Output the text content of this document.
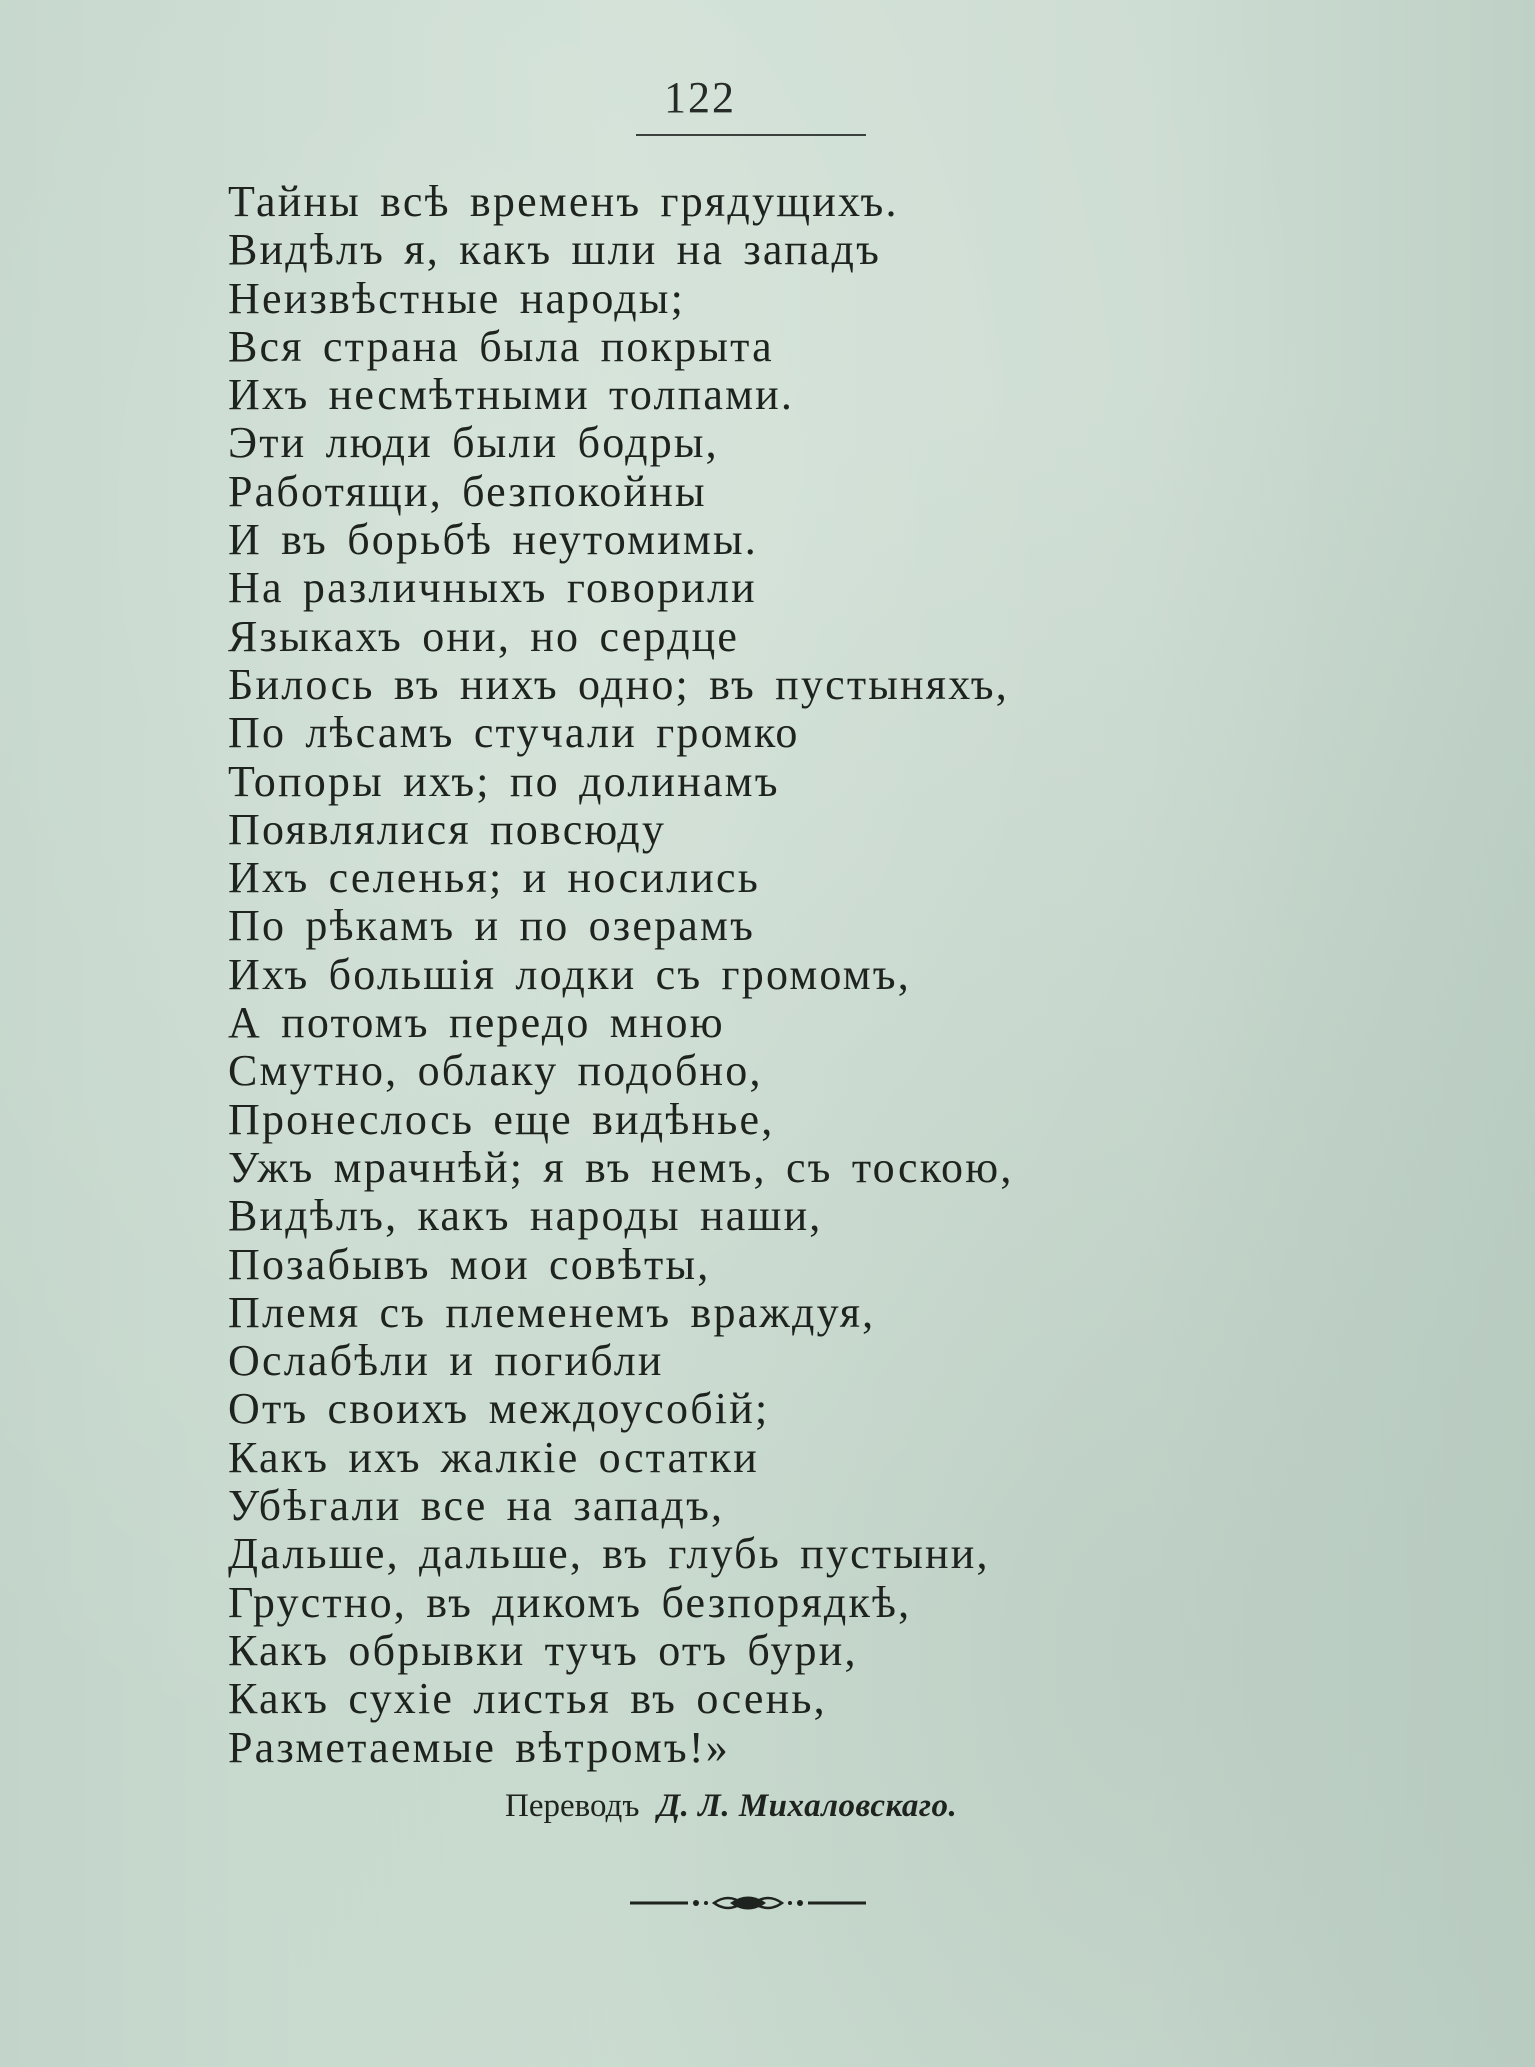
122
Тайны всѣ временъ грядущихъ.
Видѣлъ я, какъ шли на западъ
Неизвѣстные народы;
Вся страна была покрыта
Ихъ несмѣтными толпами.
Эти люди были бодры,
Работящи, безпокойны
И въ борьбѣ неутомимы.
На различныхъ говорили
Языкахъ они, но сердце
Билось въ нихъ одно; въ пустыняхъ,
По лѣсамъ стучали громко
Топоры ихъ; по долинамъ
Появлялися повсюду
Ихъ селенья; и носились
По рѣкамъ и по озерамъ
Ихъ большія лодки съ громомъ,
А потомъ передо мною
Смутно, облаку подобно,
Пронеслось еще видѣнье,
Ужъ мрачнѣй; я въ немъ, съ тоскою,
Видѣлъ, какъ народы наши,
Позабывъ мои совѣты,
Племя съ племенемъ враждуя,
Ослабѣли и погибли
Отъ своихъ междоусобій;
Какъ ихъ жалкіе остатки
Убѣгали все на западъ,
Дальше, дальше, въ глубь пустыни,
Грустно, въ дикомъ безпорядкѣ,
Какъ обрывки тучъ отъ бури,
Какъ сухіе листья въ осень,
Разметаемые вѣтромъ!»
Переводъ Д. Л. Михаловскаго.
